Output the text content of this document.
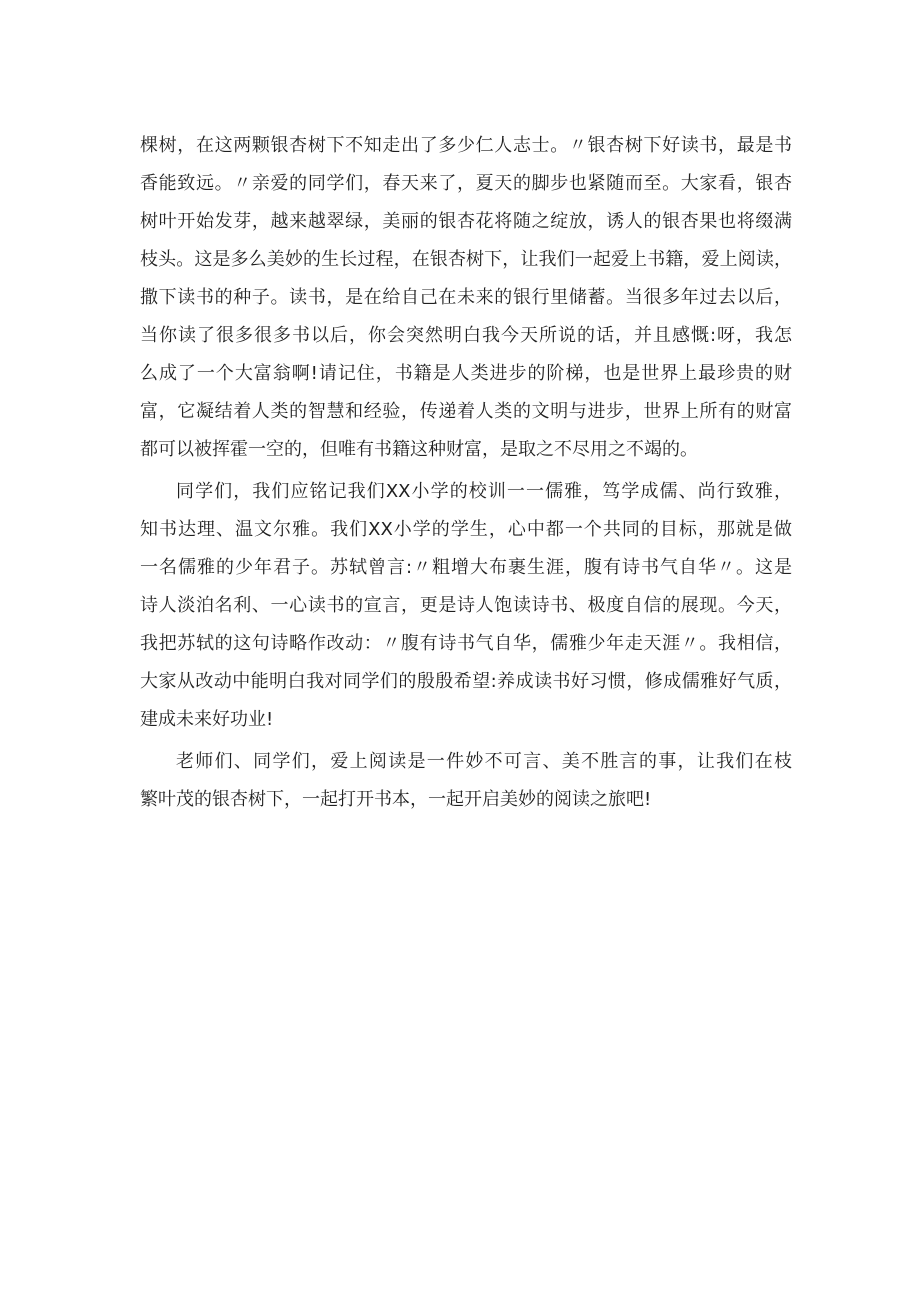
棵树，在这两颗银杏树下不知走出了多少仁人志士。〃银杏树下好读书，最是书
香能致远。〃亲爱的同学们，春天来了，夏天的脚步也紧随而至。大家看，银杏
树叶开始发芽，越来越翠绿，美丽的银杏花将随之绽放，诱人的银杏果也将缀满
枝头。这是多么美妙的生长过程，在银杏树下，让我们一起爱上书籍，爱上阅读，
撒下读书的种子。读书，是在给自己在未来的银行里储蓄。当很多年过去以后，
当你读了很多很多书以后，你会突然明白我今天所说的话，并且感慨:呀，我怎
么成了一个大富翁啊!请记住，书籍是人类进步的阶梯，也是世界上最珍贵的财
富，它凝结着人类的智慧和经验，传递着人类的文明与进步，世界上所有的财富
都可以被挥霍一空的，但唯有书籍这种财富，是取之不尽用之不竭的。
同学们，我们应铭记我们XX小学的校训一一儒雅，笃学成儒、尚行致雅，
知书达理、温文尔雅。我们XX小学的学生，心中都一个共同的目标，那就是做
一名儒雅的少年君子。苏轼曾言:〃粗增大布裹生涯，腹有诗书气自华〃。这是
诗人淡泊名利、一心读书的宣言，更是诗人饱读诗书、极度自信的展现。今天，
我把苏轼的这句诗略作改动：〃腹有诗书气自华，儒雅少年走天涯〃。我相信，
大家从改动中能明白我对同学们的殷殷希望:养成读书好习惯，修成儒雅好气质，
建成未来好功业!
老师们、同学们，爱上阅读是一件妙不可言、美不胜言的事，让我们在枝
繁叶茂的银杏树下，一起打开书本，一起开启美妙的阅读之旅吧!
